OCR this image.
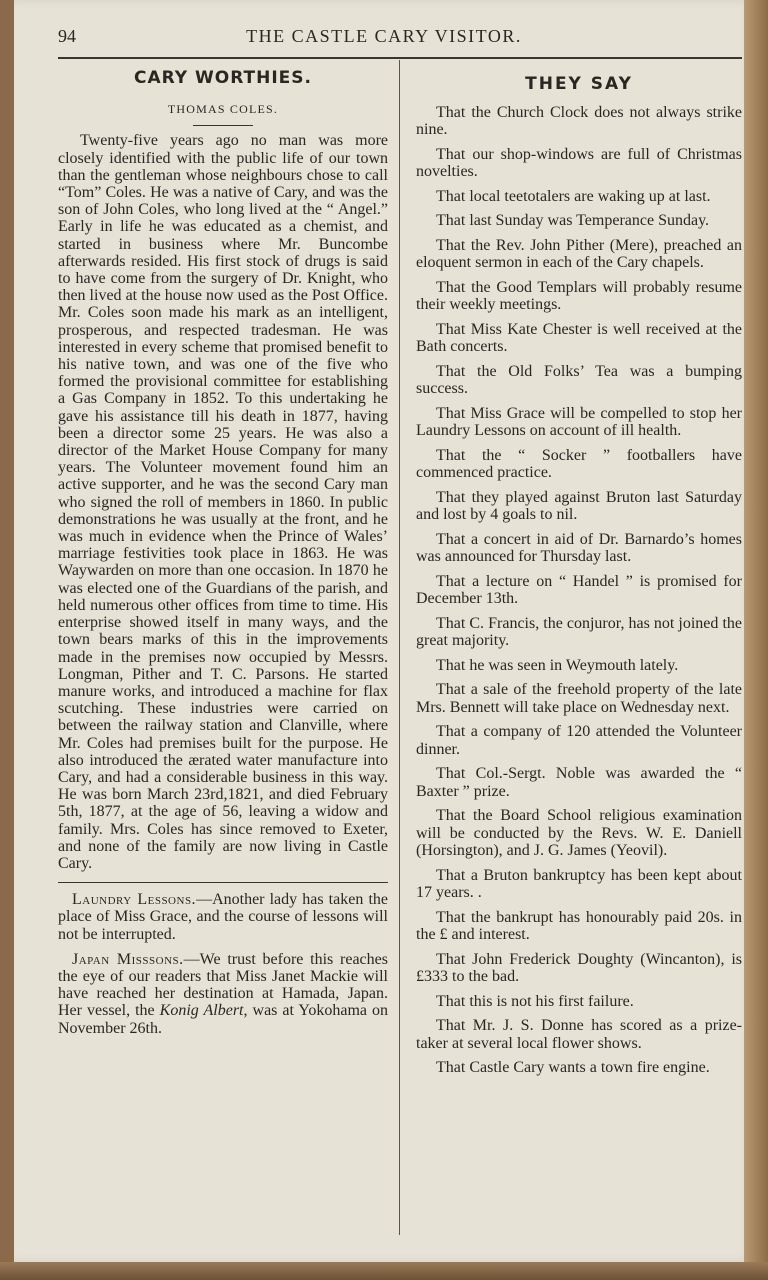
94	THE CASTLE CARY VISITOR.
CARY WORTHIES.
THOMAS COLES.

Twenty-five years ago no man was more closely identified with the public life of our town than the gentleman whose neighbours chose to call “Tom” Coles. He was a native of Cary, and was the son of John Coles, who long lived at the “ Angel.” Early in life he was educated as a chemist, and started in business where Mr. Buncombe afterwards resided. His first stock of drugs is said to have come from the surgery of Dr. Knight, who then lived at the house now used as the Post Office. Mr. Coles soon made his mark as an intelligent, prosperous, and respected tradesman. He was interested in every scheme that promised benefit to his native town, and was one of the five who formed the provisional committee for establishing a Gas Company in 1852. To this undertaking he gave his assistance till his death in 1877, having been a director some 25 years. He was also a director of the Market House Company for many years. The Volunteer movement found him an active supporter, and he was the second Cary man who signed the roll of members in 1860. In public demonstrations he was usually at the front, and he was much in evidence when the Prince of Wales’ marriage festivities took place in 1863. He was Waywarden on more than one occasion. In 1870 he was elected one of the Guardians of the parish, and held numerous other offices from time to time. His enterprise showed itself in many ways, and the town bears marks of this in the improvements made in the premises now occupied by Messrs. Longman, Pither and T. C. Parsons. He started manure works, and introduced a machine for flax scutching. These industries were carried on between the railway station and Clanville, where Mr. Coles had premises built for the purpose. He also introduced the ærated water manufacture into Cary, and had a considerable business in this way. He was born March 23rd,1821, and died February 5th, 1877, at the age of 56, leaving a widow and family. Mrs. Coles has since removed to Exeter, and none of the family are now living in Castle Cary.

Laundry Lessons.—Another lady has taken the place of Miss Grace, and the course of lessons will not be interrupted.

Japan Misssons.—We trust before this reaches the eye of our readers that Miss Janet Mackie will have reached her destination at Hamada, Japan. Her vessel, the Konig Albert, was at Yokohama on November 26th.

THEY SAY

That the Church Clock does not always strike nine.

That our shop-windows are full of Christmas novelties.

That local teetotalers are waking up at last.

That last Sunday was Temperance Sunday.

That the Rev. John Pither (Mere), preached an eloquent sermon in each of the Cary chapels.

That the Good Templars will probably resume their weekly meetings.

That Miss Kate Chester is well received at the Bath concerts.

That the Old Folks’ Tea was a bumping success.

That Miss Grace will be compelled to stop her Laundry Lessons on account of ill health.

That the “ Socker ” footballers have commenced practice.

That they played against Bruton last Saturday and lost by 4 goals to nil.

That a concert in aid of Dr. Barnardo’s homes was announced for Thursday last.

That a lecture on “ Handel ” is promised for December 13th.

That C. Francis, the conjuror, has not joined the great majority.

That he was seen in Weymouth lately.

That a sale of the freehold property of the late Mrs. Bennett will take place on Wednesday next.

That a company of 120 attended the Volunteer dinner.

That Col.-Sergt. Noble was awarded the “ Baxter ” prize.

That the Board School religious examination will be conducted by the Revs. W. E. Daniell (Horsington), and J. G. James (Yeovil).

That a Bruton bankruptcy has been kept about 17 years. .

That the bankrupt has honourably paid 20s. in the £ and interest.

That John Frederick Doughty (Wincanton), is £333 to the bad.

That this is not his first failure.

That Mr. J. S. Donne has scored as a prize-taker at several local flower shows.

That Castle Cary wants a town fire engine.
